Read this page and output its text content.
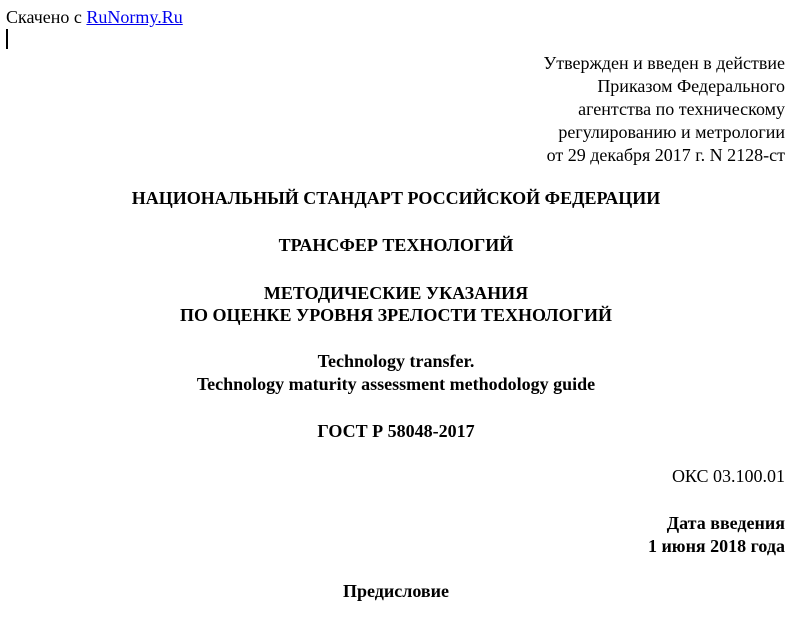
Скачено с RuNormy.Ru
Утвержден и введен в действие
Приказом Федерального
агентства по техническому
регулированию и метрологии
от 29 декабря 2017 г. N 2128-ст
НАЦИОНАЛЬНЫЙ СТАНДАРТ РОССИЙСКОЙ ФЕДЕРАЦИИ
ТРАНСФЕР ТЕХНОЛОГИЙ
МЕТОДИЧЕСКИЕ УКАЗАНИЯ
ПО ОЦЕНКЕ УРОВНЯ ЗРЕЛОСТИ ТЕХНОЛОГИЙ
Technology transfer.
Technology maturity assessment methodology guide
ГОСТ Р 58048-2017
ОКС 03.100.01
Дата введения
1 июня 2018 года
Предисловие
